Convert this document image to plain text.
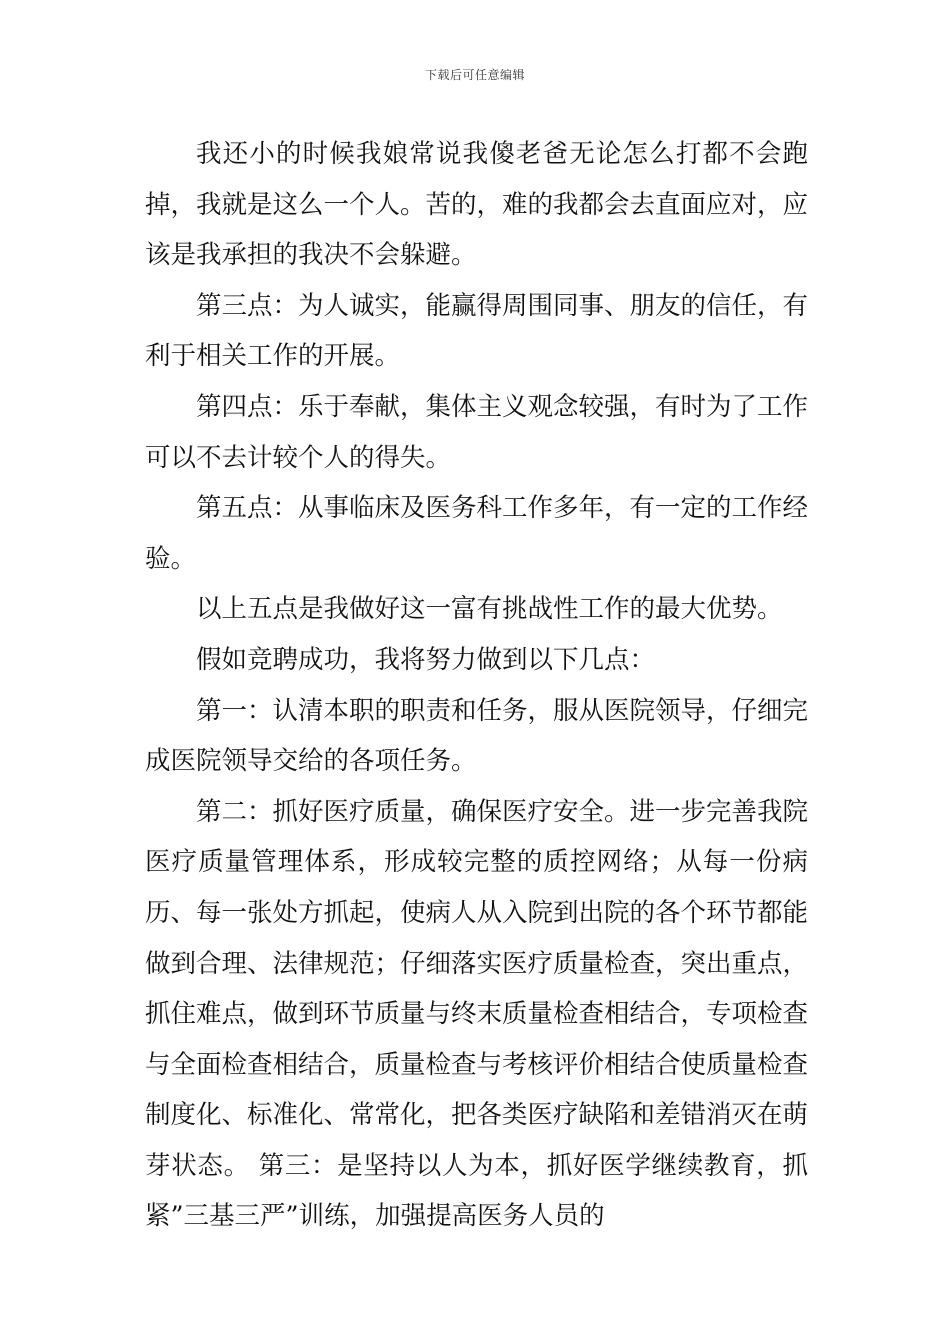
下载后可任意编辑

我还小的时候我娘常说我傻老爸无论怎么打都不会跑掉，我就是这么一个人。苦的，难的我都会去直面应对，应该是我承担的我决不会躲避。

第三点：为人诚实，能赢得周围同事、朋友的信任，有利于相关工作的开展。

第四点：乐于奉献，集体主义观念较强，有时为了工作可以不去计较个人的得失。

第五点：从事临床及医务科工作多年，有一定的工作经验。

以上五点是我做好这一富有挑战性工作的最大优势。

假如竞聘成功，我将努力做到以下几点：

第一：认清本职的职责和任务，服从医院领导，仔细完成医院领导交给的各项任务。

第二：抓好医疗质量，确保医疗安全。进一步完善我院医疗质量管理体系，形成较完整的质控网络；从每一份病历、每一张处方抓起，使病人从入院到出院的各个环节都能做到合理、法律规范；仔细落实医疗质量检查，突出重点，抓住难点，做到环节质量与终末质量检查相结合，专项检查与全面检查相结合，质量检查与考核评价相结合使质量检查制度化、标准化、常常化，把各类医疗缺陷和差错消灭在萌芽状态。 第三：是坚持以人为本，抓好医学继续教育，抓紧”三基三严”训练，加强提高医务人员的
